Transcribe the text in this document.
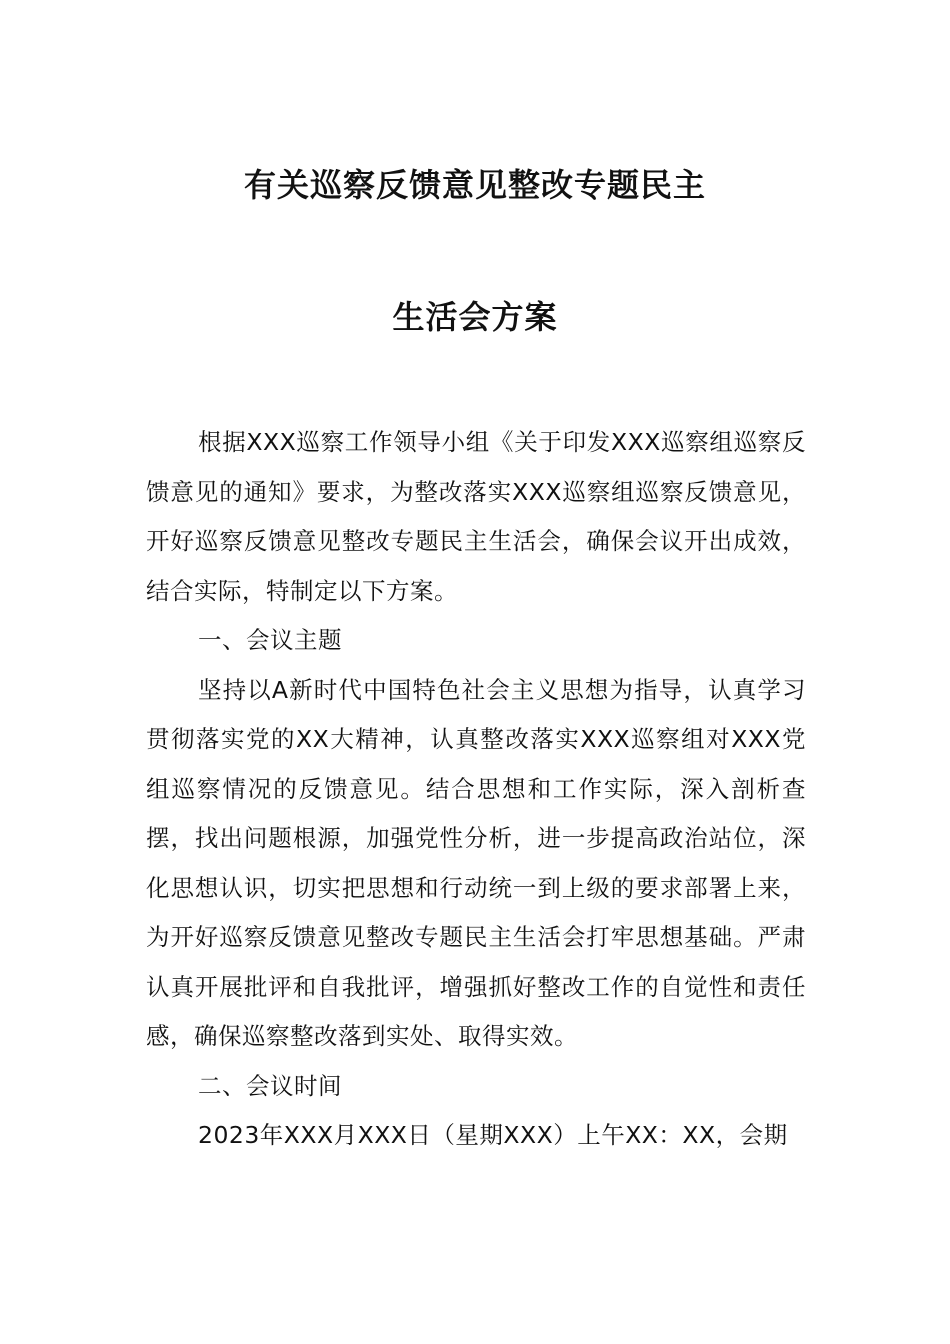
有关巡察反馈意见整改专题民主
生活会方案

根据XXX巡察工作领导小组《关于印发XXX巡察组巡察反馈意见的通知》要求，为整改落实XXX巡察组巡察反馈意见，开好巡察反馈意见整改专题民主生活会，确保会议开出成效，结合实际，特制定以下方案。

一、会议主题

坚持以A新时代中国特色社会主义思想为指导，认真学习贯彻落实党的XX大精神，认真整改落实XXX巡察组对XXX党组巡察情况的反馈意见。结合思想和工作实际，深入剖析查摆，找出问题根源，加强党性分析，进一步提高政治站位，深化思想认识，切实把思想和行动统一到上级的要求部署上来，为开好巡察反馈意见整改专题民主生活会打牢思想基础。严肃认真开展批评和自我批评，增强抓好整改工作的自觉性和责任感，确保巡察整改落到实处、取得实效。

二、会议时间

2023年XXX月XXX日（星期XXX）上午XX：XX，会期
